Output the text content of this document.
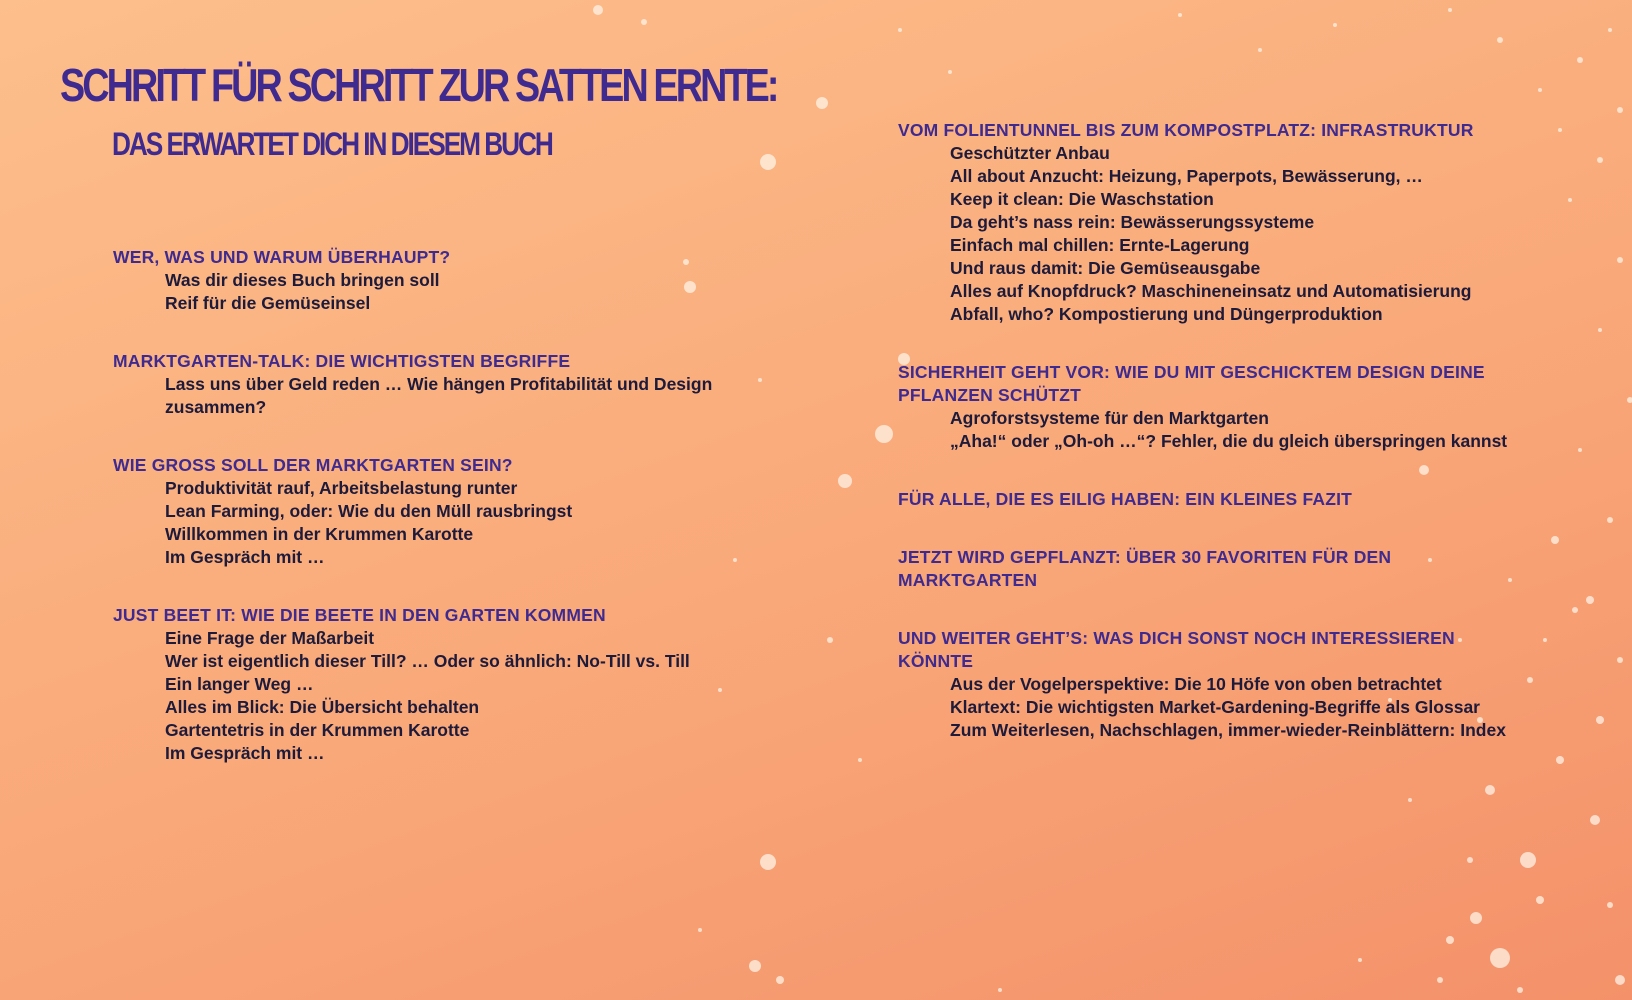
SCHRITT FÜR SCHRITT ZUR SATTEN ERNTE:
DAS ERWARTET DICH IN DIESEM BUCH
WER, WAS UND WARUM ÜBERHAUPT?
Was dir dieses Buch bringen soll
Reif für die Gemüseinsel
MARKTGARTEN-TALK: DIE WICHTIGSTEN BEGRIFFE
Lass uns über Geld reden … Wie hängen Profitabilität und Design zusammen?
WIE GROSS SOLL DER MARKTGARTEN SEIN?
Produktivität rauf, Arbeitsbelastung runter
Lean Farming, oder: Wie du den Müll rausbringst
Willkommen in der Krummen Karotte
Im Gespräch mit …
JUST BEET IT: WIE DIE BEETE IN DEN GARTEN KOMMEN
Eine Frage der Maßarbeit
Wer ist eigentlich dieser Till? … Oder so ähnlich: No-Till vs. Till
Ein langer Weg …
Alles im Blick: Die Übersicht behalten
Gartentetris in der Krummen Karotte
Im Gespräch mit …
VOM FOLIENTUNNEL BIS ZUM KOMPOSTPLATZ: INFRASTRUKTUR
Geschützter Anbau
All about Anzucht: Heizung, Paperpots, Bewässerung, …
Keep it clean: Die Waschstation
Da geht’s nass rein: Bewässerungssysteme
Einfach mal chillen: Ernte-Lagerung
Und raus damit: Die Gemüseausgabe
Alles auf Knopfdruck? Maschineneinsatz und Automatisierung
Abfall, who? Kompostierung und Düngerproduktion
SICHERHEIT GEHT VOR: WIE DU MIT GESCHICKTEM DESIGN DEINE PFLANZEN SCHÜTZT
Agroforstsysteme für den Marktgarten
„Aha!“ oder „Oh-oh …“? Fehler, die du gleich überspringen kannst
FÜR ALLE, DIE ES EILIG HABEN: EIN KLEINES FAZIT
JETZT WIRD GEPFLANZT: ÜBER 30 FAVORITEN FÜR DEN MARKTGARTEN
UND WEITER GEHT’S: WAS DICH SONST NOCH INTERESSIEREN KÖNNTE
Aus der Vogelperspektive: Die 10 Höfe von oben betrachtet
Klartext: Die wichtigsten Market-Gardening-Begriffe als Glossar
Zum Weiterlesen, Nachschlagen, immer-wieder-Reinblättern: Index
